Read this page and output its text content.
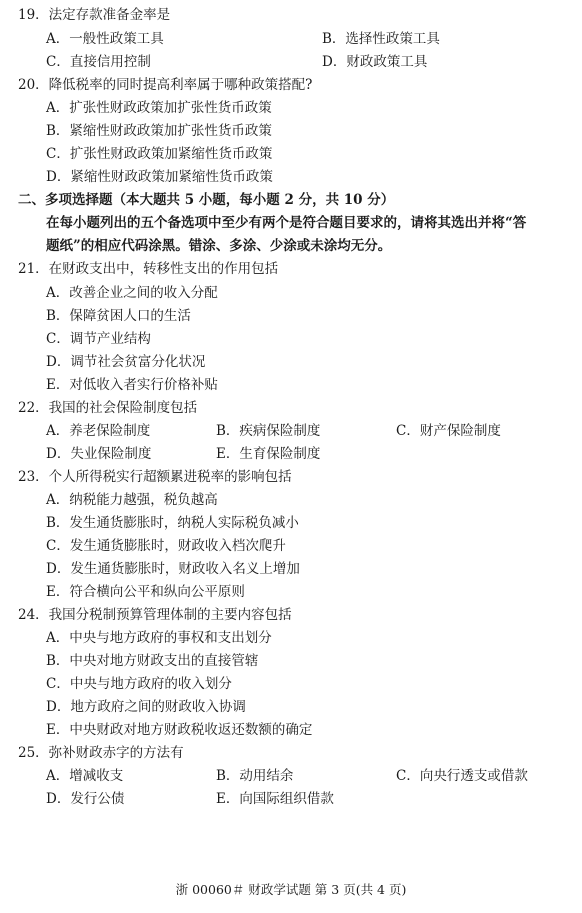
19．法定存款准备金率是
A．一般性政策工具	B．选择性政策工具
C．直接信用控制	D．财政政策工具
20．降低税率的同时提高利率属于哪种政策搭配?
A．扩张性财政政策加扩张性货币政策
B．紧缩性财政政策加扩张性货币政策
C．扩张性财政政策加紧缩性货币政策
D．紧缩性财政政策加紧缩性货币政策
二、多项选择题（本大题共 5 小题，每小题 2 分，共 10 分）
在每小题列出的五个备选项中至少有两个是符合题目要求的，请将其选出并将“答
题纸”的相应代码涂黑。错涂、多涂、少涂或未涂均无分。
21．在财政支出中，转移性支出的作用包括
A．改善企业之间的收入分配
B．保障贫困人口的生活
C．调节产业结构
D．调节社会贫富分化状况
E．对低收入者实行价格补贴
22．我国的社会保险制度包括
A．养老保险制度	B．疾病保险制度	C．财产保险制度
D．失业保险制度	E．生育保险制度
23．个人所得税实行超额累进税率的影响包括
A．纳税能力越强，税负越高
B．发生通货膨胀时，纳税人实际税负减小
C．发生通货膨胀时，财政收入档次爬升
D．发生通货膨胀时，财政收入名义上增加
E．符合横向公平和纵向公平原则
24．我国分税制预算管理体制的主要内容包括
A．中央与地方政府的事权和支出划分
B．中央对地方财政支出的直接管辖
C．中央与地方政府的收入划分
D．地方政府之间的财政收入协调
E．中央财政对地方财政税收返还数额的确定
25．弥补财政赤字的方法有
A．增减收支	B．动用结余	C．向央行透支或借款
D．发行公债	E．向国际组织借款
浙 00060＃ 财政学试题 第 3 页(共 4 页)
